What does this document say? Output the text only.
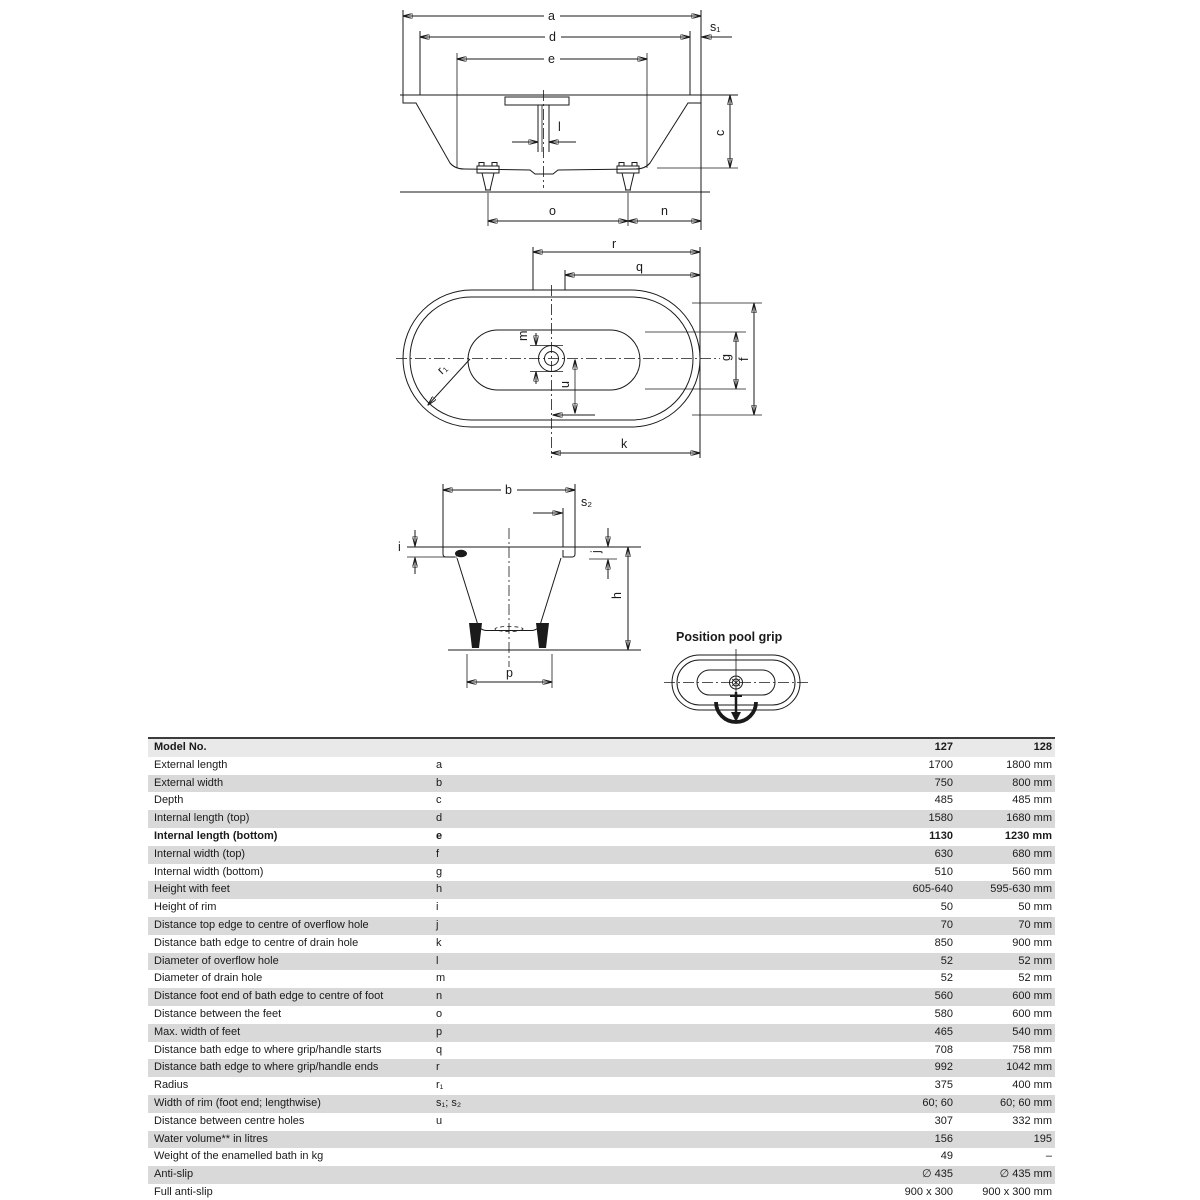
a
d
s₁
e
l	c
o	n
r
q
m
u
r₁
g f
k
b
s₂
i	j
h
p
Position pool grip
Model No.		127	128
External length	a	1700	1800 mm
External width	b	750	800 mm
Depth	c	485	485 mm
Internal length (top)	d	1580	1680 mm
Internal length (bottom)	e	1130	1230 mm
Internal width (top)	f	630	680 mm
Internal width (bottom)	g	510	560 mm
Height with feet	h	605-640	595-630 mm
Height of rim	i	50	50 mm
Distance top edge to centre of overflow hole	j	70	70 mm
Distance bath edge to centre of drain hole	k	850	900 mm
Diameter of overflow hole	l	52	52 mm
Diameter of drain hole	m	52	52 mm
Distance foot end of bath edge to centre of foot	n	560	600 mm
Distance between the feet	o	580	600 mm
Max. width of feet	p	465	540 mm
Distance bath edge to where grip/handle starts	q	708	758 mm
Distance bath edge to where grip/handle ends	r	992	1042 mm
Radius	r₁	375	400 mm
Width of rim (foot end; lengthwise)	s₁; s₂	60; 60	60; 60 mm
Distance between centre holes	u	307	332 mm
Water volume** in litres		156	195
Weight of the enamelled bath in kg		49	–
Anti-slip		∅ 435	∅ 435 mm
Full anti-slip		900 x 300	900 x 300 mm
